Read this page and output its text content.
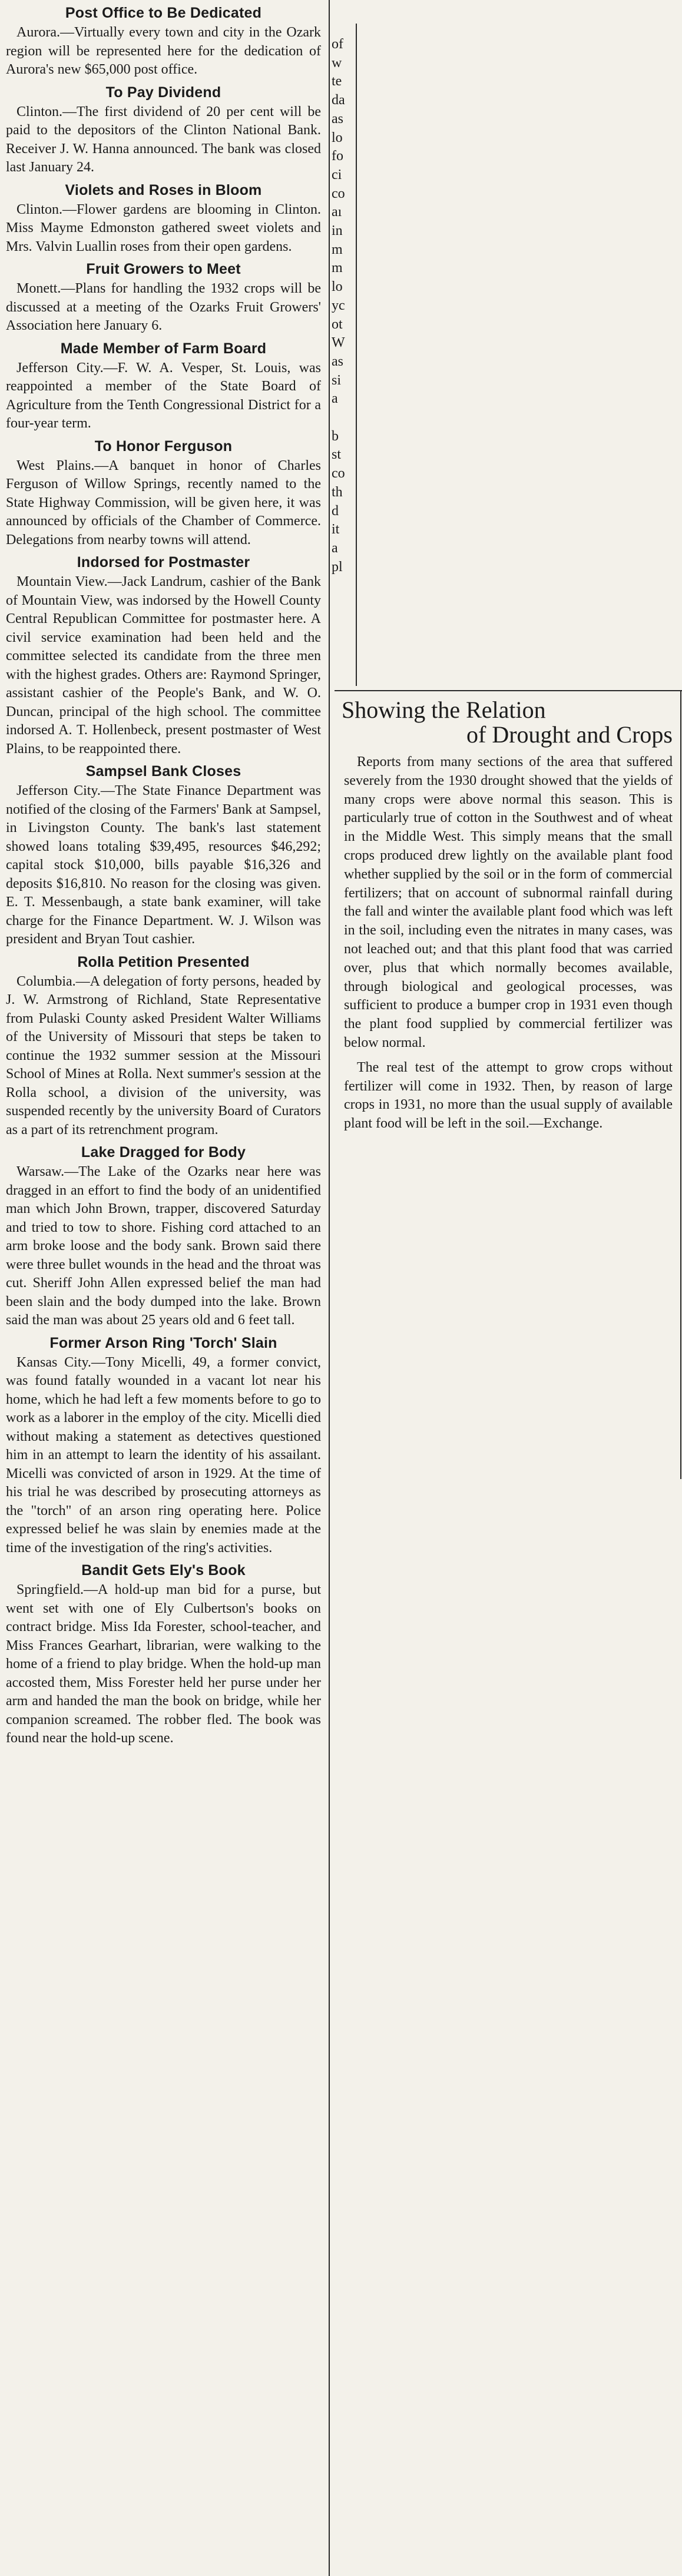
Post Office to Be Dedicated

Aurora.—Virtually every town and city in the Ozark region will be represented here for the dedication of Aurora's new $65,000 post office.

To Pay Dividend

Clinton.—The first dividend of 20 per cent will be paid to the depositors of the Clinton National Bank. Receiver J. W. Hanna announced. The bank was closed last January 24.

Violets and Roses in Bloom

Clinton.—Flower gardens are blooming in Clinton. Miss Mayme Edmonston gathered sweet violets and Mrs. Valvin Luallin roses from their open gardens.

Fruit Growers to Meet

Monett.—Plans for handling the 1932 crops will be discussed at a meeting of the Ozarks Fruit Growers' Association here January 6.

Made Member of Farm Board

Jefferson City.—F. W. A. Vesper, St. Louis, was reappointed a member of the State Board of Agriculture from the Tenth Congressional District for a four-year term.

To Honor Ferguson

West Plains.—A banquet in honor of Charles Ferguson of Willow Springs, recently named to the State Highway Commission, will be given here, it was announced by officials of the Chamber of Commerce. Delegations from nearby towns will attend.

Indorsed for Postmaster

Mountain View.—Jack Landrum, cashier of the Bank of Mountain View, was indorsed by the Howell County Central Republican Committee for postmaster here. A civil service examination had been held and the committee selected its candidate from the three men with the highest grades. Others are: Raymond Springer, assistant cashier of the People's Bank, and W. O. Duncan, principal of the high school. The committee indorsed A. T. Hollenbeck, present postmaster of West Plains, to be reappointed there.

Sampsel Bank Closes

Jefferson City.—The State Finance Department was notified of the closing of the Farmers' Bank at Sampsel, in Livingston County. The bank's last statement showed loans totaling $39,495, resources $46,292; capital stock $10,000, bills payable $16,326 and deposits $16,810. No reason for the closing was given. E. T. Messenbaugh, a state bank examiner, will take charge for the Finance Department. W. J. Wilson was president and Bryan Tout cashier.

Rolla Petition Presented

Columbia.—A delegation of forty persons, headed by J. W. Armstrong of Richland, State Representative from Pulaski County asked President Walter Williams of the University of Missouri that steps be taken to continue the 1932 summer session at the Missouri School of Mines at Rolla. Next summer's session at the Rolla school, a division of the university, was suspended recently by the university Board of Curators as a part of its retrenchment program.

Lake Dragged for Body

Warsaw.—The Lake of the Ozarks near here was dragged in an effort to find the body of an unidentified man which John Brown, trapper, discovered Saturday and tried to tow to shore. Fishing cord attached to an arm broke loose and the body sank. Brown said there were three bullet wounds in the head and the throat was cut. Sheriff John Allen expressed belief the man had been slain and the body dumped into the lake. Brown said the man was about 25 years old and 6 feet tall.

Former Arson Ring 'Torch' Slain

Kansas City.—Tony Micelli, 49, a former convict, was found fatally wounded in a vacant lot near his home, which he had left a few moments before to go to work as a laborer in the employ of the city. Micelli died without making a statement as detectives questioned him in an attempt to learn the identity of his assailant. Micelli was convicted of arson in 1929. At the time of his trial he was described by prosecuting attorneys as the "torch" of an arson ring operating here. Police expressed belief he was slain by enemies made at the time of the investigation of the ring's activities.

Bandit Gets Ely's Book

Springfield.—A hold-up man bid for a purse, but went set with one of Ely Culbertson's books on contract bridge. Miss Ida Forester, school-teacher, and Miss Frances Gearhart, librarian, were walking to the home of a friend to play bridge. When the hold-up man accosted them, Miss Forester held her purse under her arm and handed the man the book on bridge, while her companion screamed. The robber fled. The book was found near the hold-up scene.

of
w
te
da
as
lo
fo
ci
co
aı
in
m
m
lo
yc
ot
W
as
si
a

b
st
co
th
d
it
a
pl
Showing the Relation
of Drought and Crops

Reports from many sections of the area that suffered severely from the 1930 drought showed that the yields of many crops were above normal this season. This is particularly true of cotton in the Southwest and of wheat in the Middle West. This simply means that the small crops produced drew lightly on the available plant food whether supplied by the soil or in the form of commercial fertilizers; that on account of subnormal rainfall during the fall and winter the available plant food which was left in the soil, including even the nitrates in many cases, was not leached out; and that this plant food that was carried over, plus that which normally becomes available, through biological and geological processes, was sufficient to produce a bumper crop in 1931 even though the plant food supplied by commercial fertilizer was below normal.

The real test of the attempt to grow crops without fertilizer will come in 1932. Then, by reason of large crops in 1931, no more than the usual supply of available plant food will be left in the soil.—Exchange.
